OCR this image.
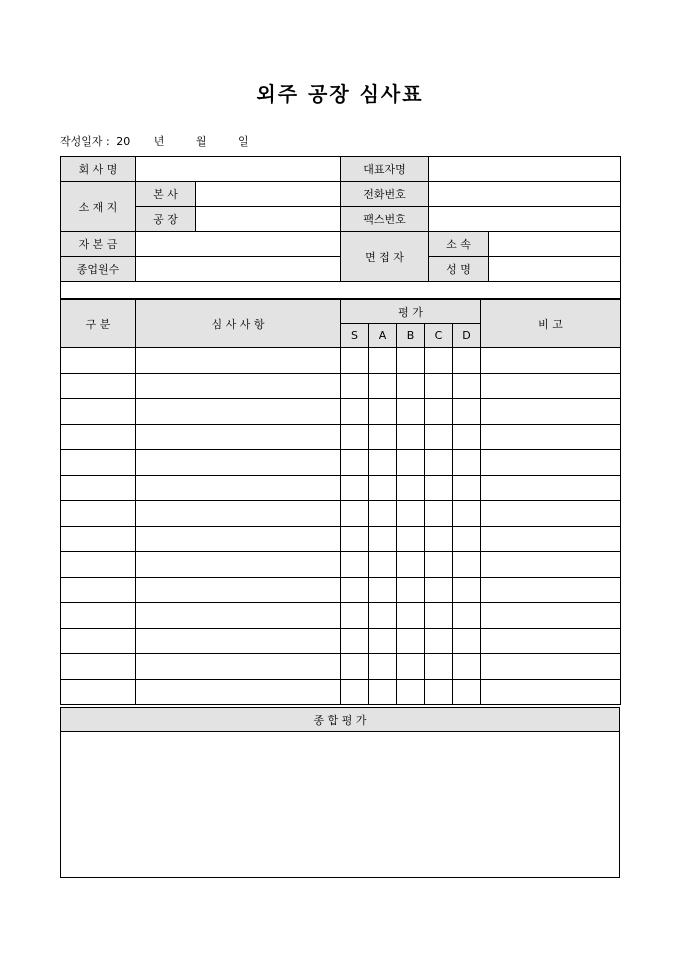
외주 공장 심사표
작성일자 : 20 년	월	일
회 사 명			대표자명		
소 재 지	본 사		전화번호		
	공 장		팩스번호		
자 본 금			면 접 자	소 속	
종업원수				성 명	

구 분	심 사 사 항	평 가					비 고
		S	A	B	C	D	

종 합 평 가
